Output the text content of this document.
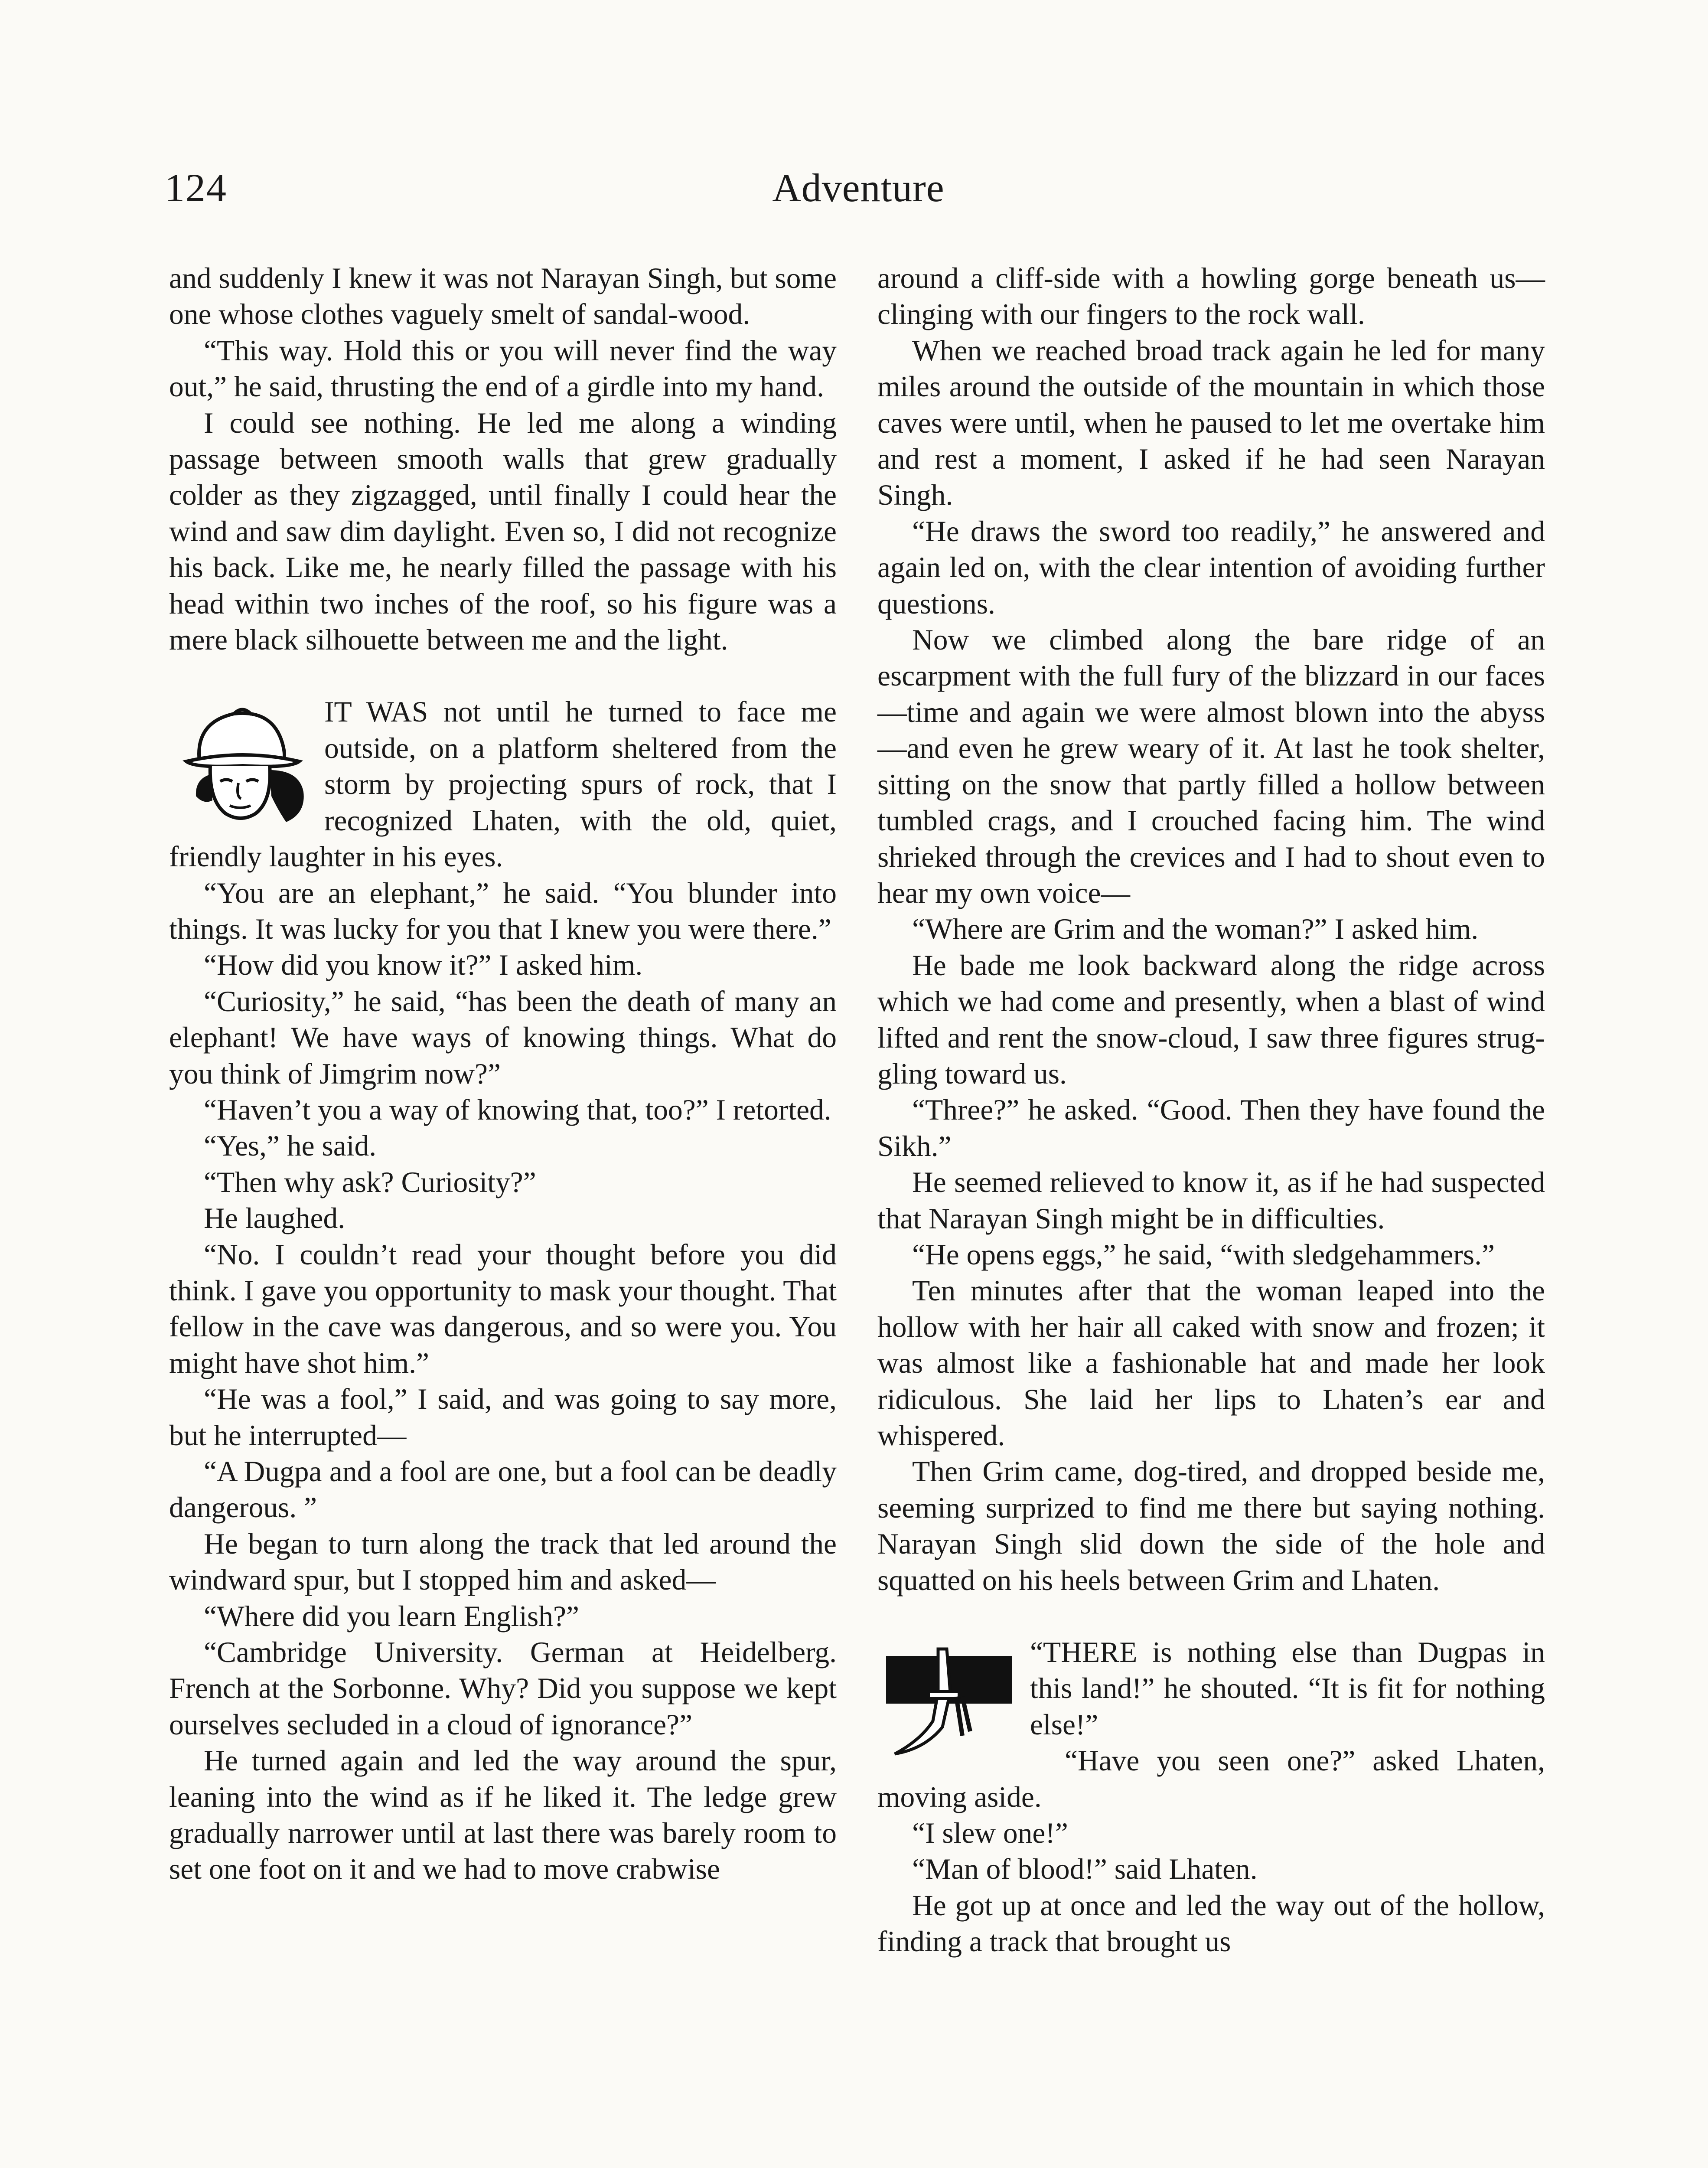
124	Adventure

and suddenly I knew it was not Narayan Singh, but some one whose clothes vaguely smelt of sandal-wood.

“This way. Hold this or you will never find the way out,” he said, thrusting the end of a girdle into my hand.

I could see nothing. He led me along a winding passage between smooth walls that grew gradually colder as they zigzagged, until finally I could hear the wind and saw dim daylight. Even so, I did not recognize his back. Like me, he nearly filled the passage with his head within two inches of the roof, so his figure was a mere black silhouette between me and the light.

IT WAS not until he turned to face me outside, on a platform sheltered from the storm by projecting spurs of rock, that I recognized Lhaten, with the old, quiet, friendly laughter in his eyes.

“You are an elephant,” he said. “You blunder into things. It was lucky for you that I knew you were there.”

“How did you know it?” I asked him.

“Curiosity,” he said, “has been the death of many an elephant! We have ways of knowing things. What do you think of Jimgrim now?”

“Haven’t you a way of knowing that, too?” I retorted.

“Yes,” he said.

“Then why ask? Curiosity?”

He laughed.

“No. I couldn’t read your thought before you did think. I gave you opportunity to mask your thought. That fellow in the cave was dangerous, and so were you. You might have shot him.”

“He was a fool,” I said, and was going to say more, but he interrupted—

“A Dugpa and a fool are one, but a fool can be deadly dangerous. ”

He began to turn along the track that led around the windward spur, but I stopped him and asked—

“Where did you learn English?”

“Cambridge University. German at Heidelberg. French at the Sorbonne. Why? Did you suppose we kept ourselves secluded in a cloud of ignorance?”

He turned again and led the way around the spur, leaning into the wind as if he liked it. The ledge grew gradually narrower until at last there was barely room to set one foot on it and we had to move crabwise

around a cliff-side with a howling gorge beneath us—clinging with our fingers to the rock wall.

When we reached broad track again he led for many miles around the outside of the mountain in which those caves were until, when he paused to let me overtake him and rest a moment, I asked if he had seen Narayan Singh.

“He draws the sword too readily,” he answered and again led on, with the clear intention of avoiding further questions.

Now we climbed along the bare ridge of an escarpment with the full fury of the blizzard in our faces—time and again we were almost blown into the abyss—and even he grew weary of it. At last he took shelter, sitting on the snow that partly filled a hollow between tumbled crags, and I crouched facing him. The wind shrieked through the crevices and I had to shout even to hear my own voice—

“Where are Grim and the woman?” I asked him.

He bade me look backward along the ridge across which we had come and presently, when a blast of wind lifted and rent the snow-cloud, I saw three figures struggling toward us.

“Three?” he asked. “Good. Then they have found the Sikh.”

He seemed relieved to know it, as if he had suspected that Narayan Singh might be in difficulties.

“He opens eggs,” he said, “with sledgehammers.”

Ten minutes after that the woman leaped into the hollow with her hair all caked with snow and frozen; it was almost like a fashionable hat and made her look ridiculous. She laid her lips to Lhaten’s ear and whispered.

Then Grim came, dog-tired, and dropped beside me, seeming surprized to find me there but saying nothing. Narayan Singh slid down the side of the hole and squatted on his heels between Grim and Lhaten.

“THERE is nothing else than Dugpas in this land!” he shouted. “It is fit for nothing else!”

“Have you seen one?” asked Lhaten, moving aside.

“I slew one!”

“Man of blood!” said Lhaten.

He got up at once and led the way out of the hollow, finding a track that brought us
